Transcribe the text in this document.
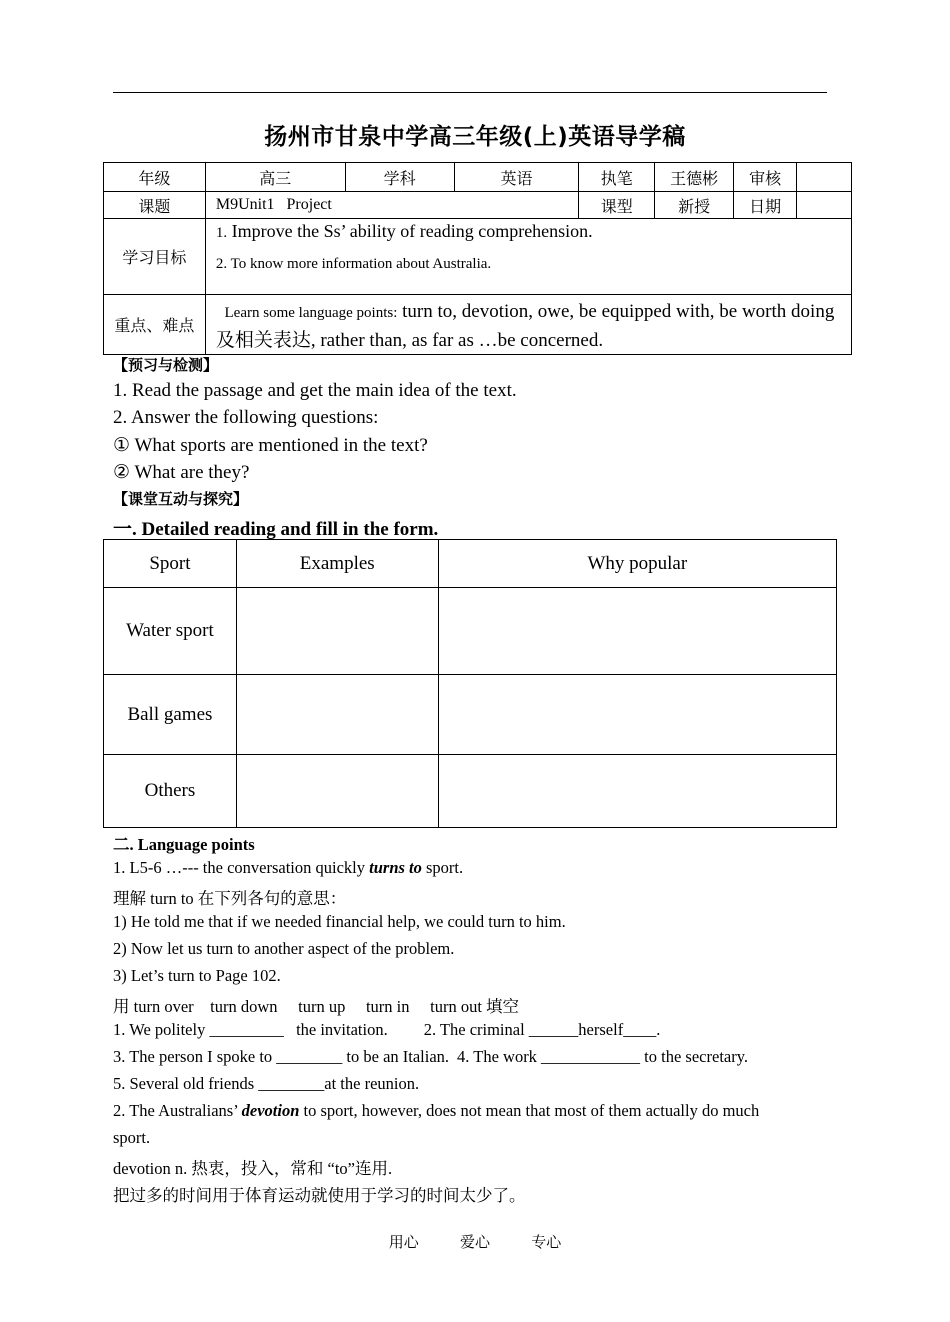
扬州市甘泉中学高三年级(上)英语导学稿
年级	高三	学科	英语	执笔	王德彬	审核	
课题	M9Unit1   Project			课型	新授	日期	
学习目标	1. Improve the Ss’ ability of reading comprehension.
2. To know more information about Australia.						

重点、难点	Learn some language points: turn to, devotion, owe, be equipped with, be worth doing 及相关表达, rather than, as far as …be concerned.						
【预习与检测】
1. Read the passage and get the main idea of the text.
2. Answer the following questions:
① What sports are mentioned in the text?
② What are they?
【课堂互动与探究】
一. Detailed reading and fill in the form.
Sport	Examples	Why popular
Water sport		
Ball games		
Others		
二. Language points
1. L5-6 …--- the conversation quickly turns to sport.
理解 turn to 在下列各句的意思：
1) He told me that if we needed financial help, we could turn to him.
2) Now let us turn to another aspect of the problem.
3) Let’s turn to Page 102.
用 turn over    turn down     turn up     turn in     turn out 填空
1. We politely _________   the invitation. 2. The criminal ______herself____.
3. The person I spoke to ________ to be an Italian. 4. The work ____________ to the secretary.
5. Several old friends ________at the reunion.
2. The Australians’ devotion to sport, however, does not mean that most of them actually do much
sport.
devotion n. 热衷，投入，常和 “to”连用.
把过多的时间用于体育运动就使用于学习的时间太少了。
用心   爱心   专心
